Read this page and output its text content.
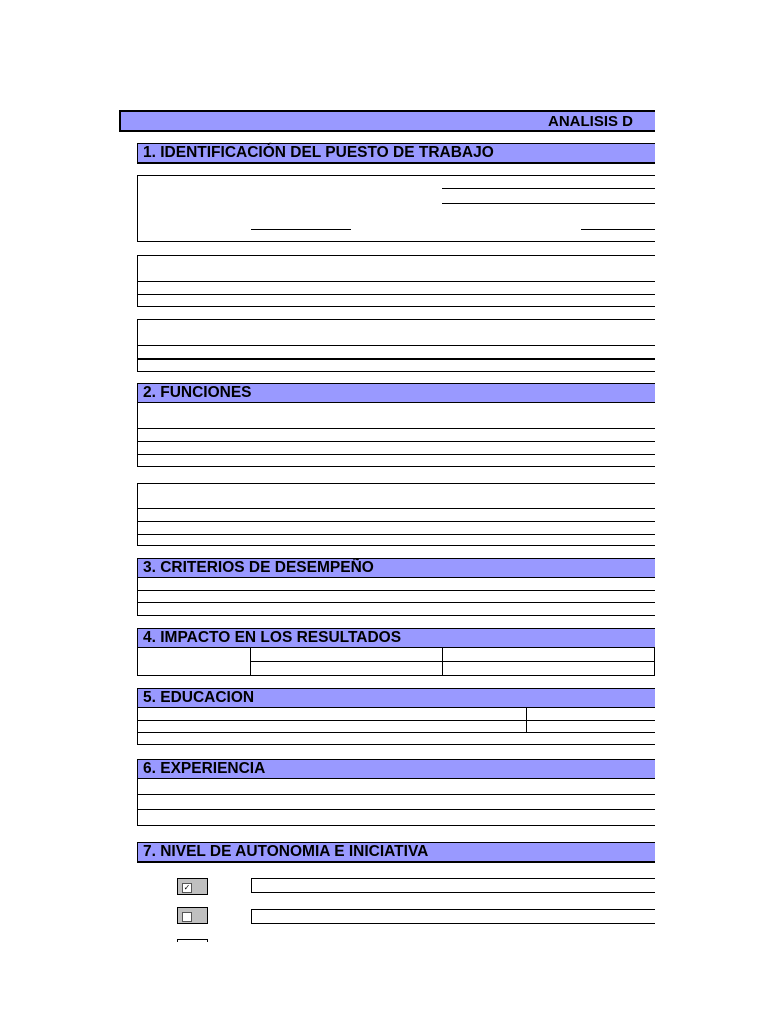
ANALISIS D
1. IDENTIFICACIÓN DEL PUESTO DE TRABAJO
2. FUNCIONES
3. CRITERIOS DE DESEMPEÑO
4. IMPACTO EN LOS RESULTADOS
5. EDUCACION
6. EXPERIENCIA
7. NIVEL DE AUTONOMIA E INICIATIVA
✓
